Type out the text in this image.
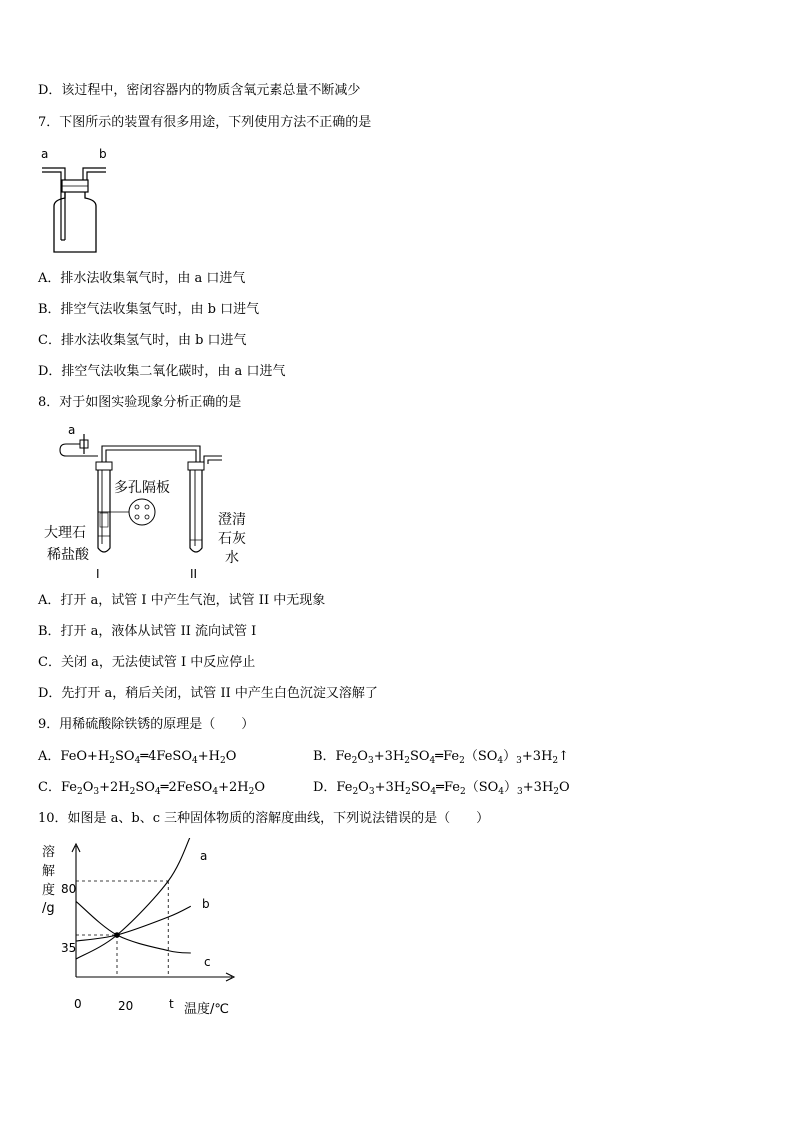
D．该过程中，密闭容器内的物质含氧元素总量不断减少
7．下图所示的装置有很多用途，下列使用方法不正确的是
a	b
A．排水法收集氧气时，由 a 口进气
B．排空气法收集氢气时，由 b 口进气
C．排水法收集氢气时，由 b 口进气
D．排空气法收集二氧化碳时，由 a 口进气
8．对于如图实验现象分析正确的是
a
多孔隔板
大理石
稀盐酸
I
澄清
石灰
水
II
A．打开 a，试管 I 中产生气泡，试管 II 中无现象
B．打开 a，液体从试管 II 流向试管 I
C．关闭 a，无法使试管 I 中反应停止
D．先打开 a，稍后关闭，试管 II 中产生白色沉淀又溶解了
9．用稀硫酸除铁锈的原理是（　　）
A．$FeO+H_2SO_4═4FeSO_4+H_2O$	B．$Fe_2O_3+3H_2SO_4═Fe_2(SO_4)_3+3H_2↑$
C．$Fe_2O_3+2H_2SO_4═2FeSO_4+2H_2O$	D．$Fe_2O_3+3H_2SO_4═Fe_2(SO_4)_3+3H_2O$
10．如图是 a、b、c 三种固体物质的溶解度曲线，下列说法错误的是（　　）
溶
解
度
/g
80
35
0	20	t 温度/℃
a
b
c
